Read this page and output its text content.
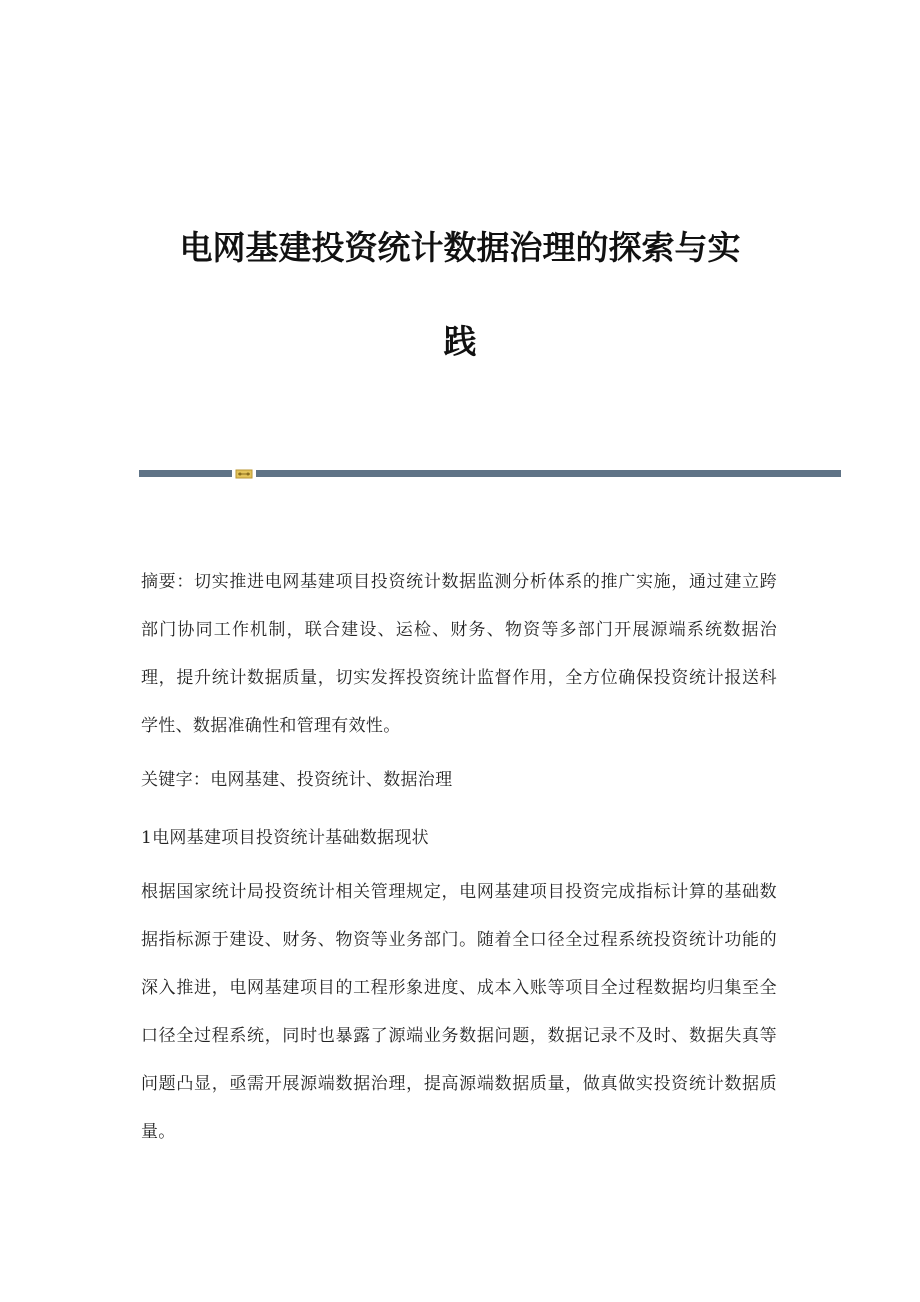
电网基建投资统计数据治理的探索与实
践

摘要：切实推进电网基建项目投资统计数据监测分析体系的推广实施，通过建立跨部门协同工作机制，联合建设、运检、财务、物资等多部门开展源端系统数据治理，提升统计数据质量，切实发挥投资统计监督作用，全方位确保投资统计报送科学性、数据准确性和管理有效性。

关键字：电网基建、投资统计、数据治理

1电网基建项目投资统计基础数据现状

根据国家统计局投资统计相关管理规定，电网基建项目投资完成指标计算的基础数据指标源于建设、财务、物资等业务部门。随着全口径全过程系统投资统计功能的深入推进，电网基建项目的工程形象进度、成本入账等项目全过程数据均归集至全口径全过程系统，同时也暴露了源端业务数据问题，数据记录不及时、数据失真等问题凸显，亟需开展源端数据治理，提高源端数据质量，做真做实投资统计数据质量。
